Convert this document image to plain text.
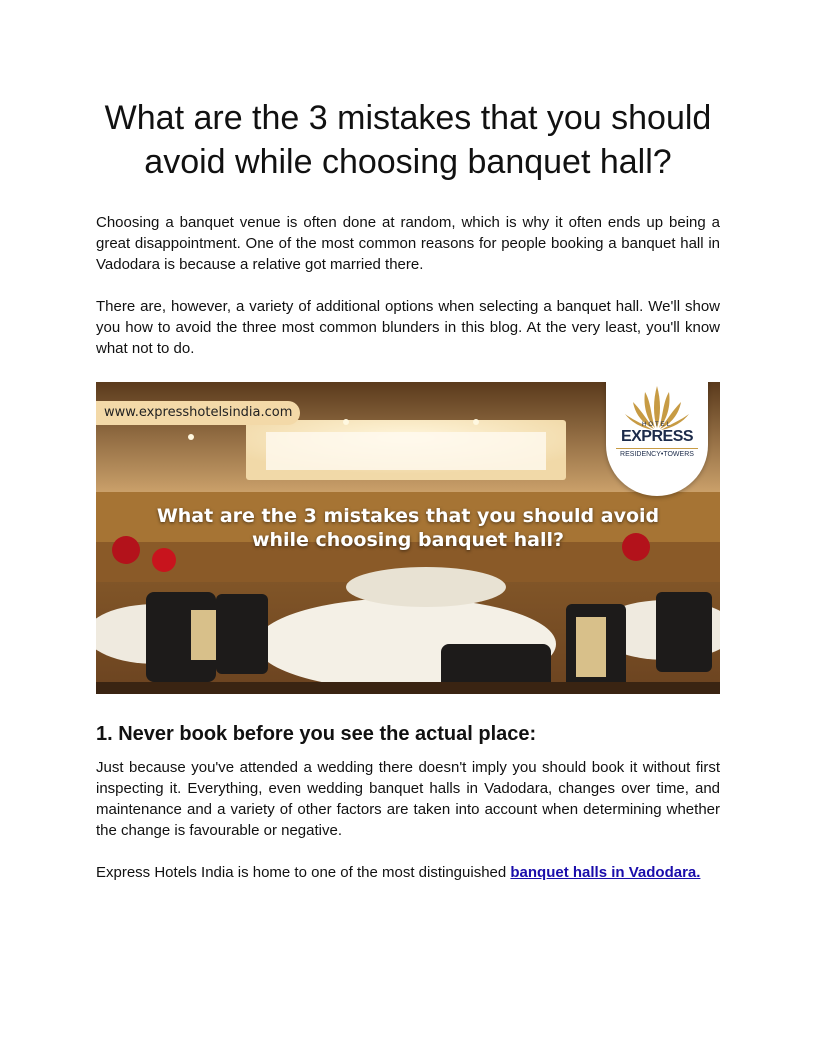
What are the 3 mistakes that you should avoid while choosing banquet hall?

Choosing a banquet venue is often done at random, which is why it often ends up being a great disappointment. One of the most common reasons for people booking a banquet hall in Vadodara is because a relative got married there.

There are, however, a variety of additional options when selecting a banquet hall. We'll show you how to avoid the three most common blunders in this blog. At the very least, you'll know what not to do.

www.expresshotelsindia.com
HOTEL
EXPRESS
RESIDENCY•TOWERS
What are the 3 mistakes that you should avoid
while choosing banquet hall?
1. Never book before you see the actual place:

Just because you've attended a wedding there doesn't imply you should book it without first inspecting it. Everything, even wedding banquet halls in Vadodara, changes over time, and maintenance and a variety of other factors are taken into account when determining whether the change is favourable or negative.

Express Hotels India is home to one of the most distinguished banquet halls in Vadodara.
